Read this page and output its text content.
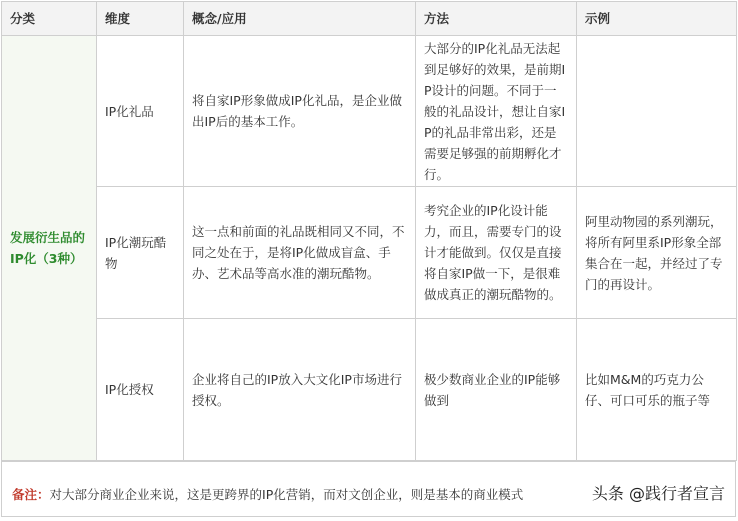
分类	维度	概念/应用	方法	示例
发展衍生品的IP化（3种）	IP化礼品	将自家IP形象做成IP化礼品，是企业做出IP后的基本工作。	大部分的IP化礼品无法起到足够好的效果，是前期IP设计的问题。不同于一般的礼品设计，想让自家IP的礼品非常出彩，还是需要足够强的前期孵化才行。	
	IP化潮玩酷物	这一点和前面的礼品既相同又不同，不同之处在于，是将IP化做成盲盒、手办、艺术品等高水准的潮玩酷物。	考究企业的IP化设计能力，而且，需要专门的设计才能做到。仅仅是直接将自家IP做一下，是很难做成真正的潮玩酷物的。	阿里动物园的系列潮玩，将所有阿里系IP形象全部集合在一起，并经过了专门的再设计。
	IP化授权	企业将自己的IP放入大文化IP市场进行授权。	极少数商业企业的IP能够做到	比如M&M的巧克力公仔、可口可乐的瓶子等
备注：对大部分商业企业来说，这是更跨界的IP化营销，而对文创企业，则是基本的商业模式	头条 @践行者宣言
